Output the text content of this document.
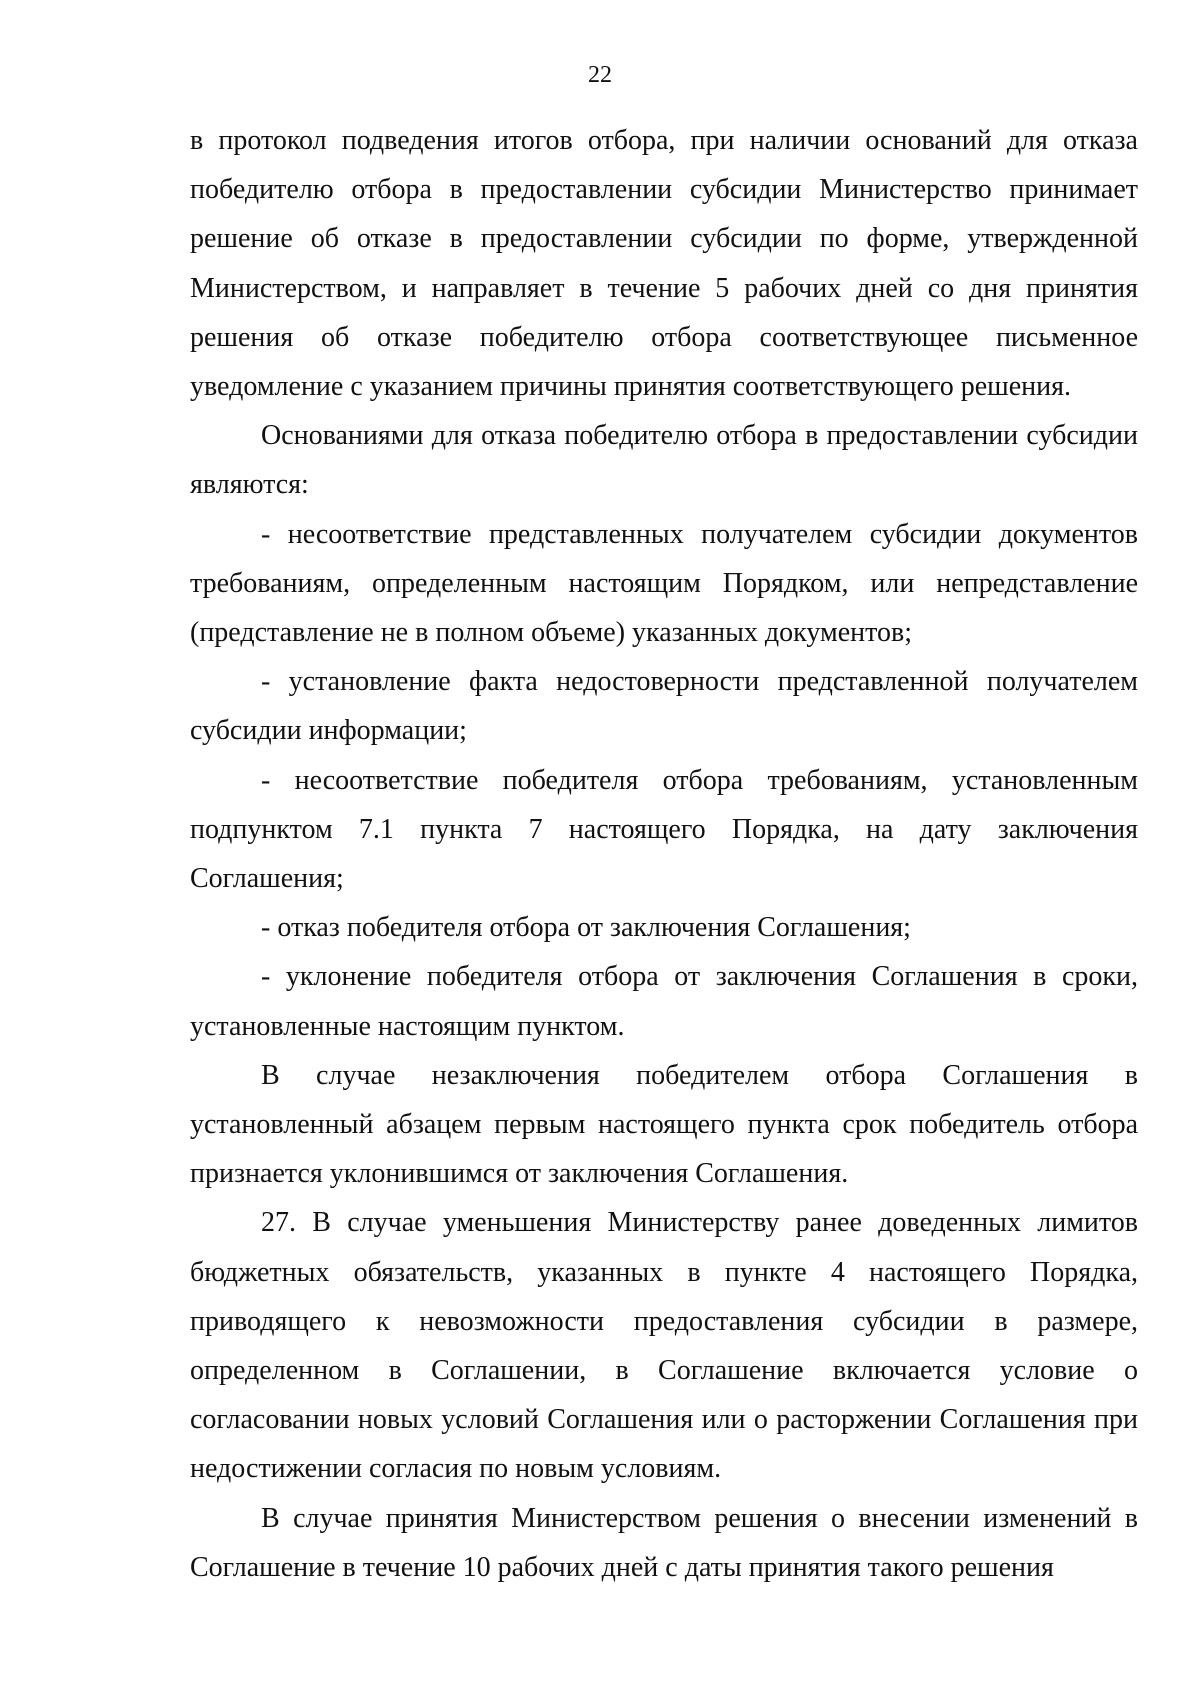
22

в протокол подведения итогов отбора, при наличии оснований для отказа победителю отбора в предоставлении субсидии Министерство принимает решение об отказе в предоставлении субсидии по форме, утвержденной Министерством, и направляет в течение 5 рабочих дней со дня принятия решения об отказе победителю отбора соответствующее письменное уведомление с указанием причины принятия соответствующего решения.

Основаниями для отказа победителю отбора в предоставлении субсидии являются:

- несоответствие представленных получателем субсидии документов требованиям, определенным настоящим Порядком, или непредставление (представление не в полном объеме) указанных документов;

- установление факта недостоверности представленной получателем субсидии информации;

- несоответствие победителя отбора требованиям, установленным подпунктом 7.1 пункта 7 настоящего Порядка, на дату заключения Соглашения;

- отказ победителя отбора от заключения Соглашения;

- уклонение победителя отбора от заключения Соглашения в сроки, установленные настоящим пунктом.

В случае незаключения победителем отбора Соглашения в установленный абзацем первым настоящего пункта срок победитель отбора признается уклонившимся от заключения Соглашения.

27. В случае уменьшения Министерству ранее доведенных лимитов бюджетных обязательств, указанных в пункте 4 настоящего Порядка, приводящего к невозможности предоставления субсидии в размере, определенном в Соглашении, в Соглашение включается условие о согласовании новых условий Соглашения или о расторжении Соглашения при недостижении согласия по новым условиям.

В случае принятия Министерством решения о внесении изменений в Соглашение в течение 10 рабочих дней с даты принятия такого решения
